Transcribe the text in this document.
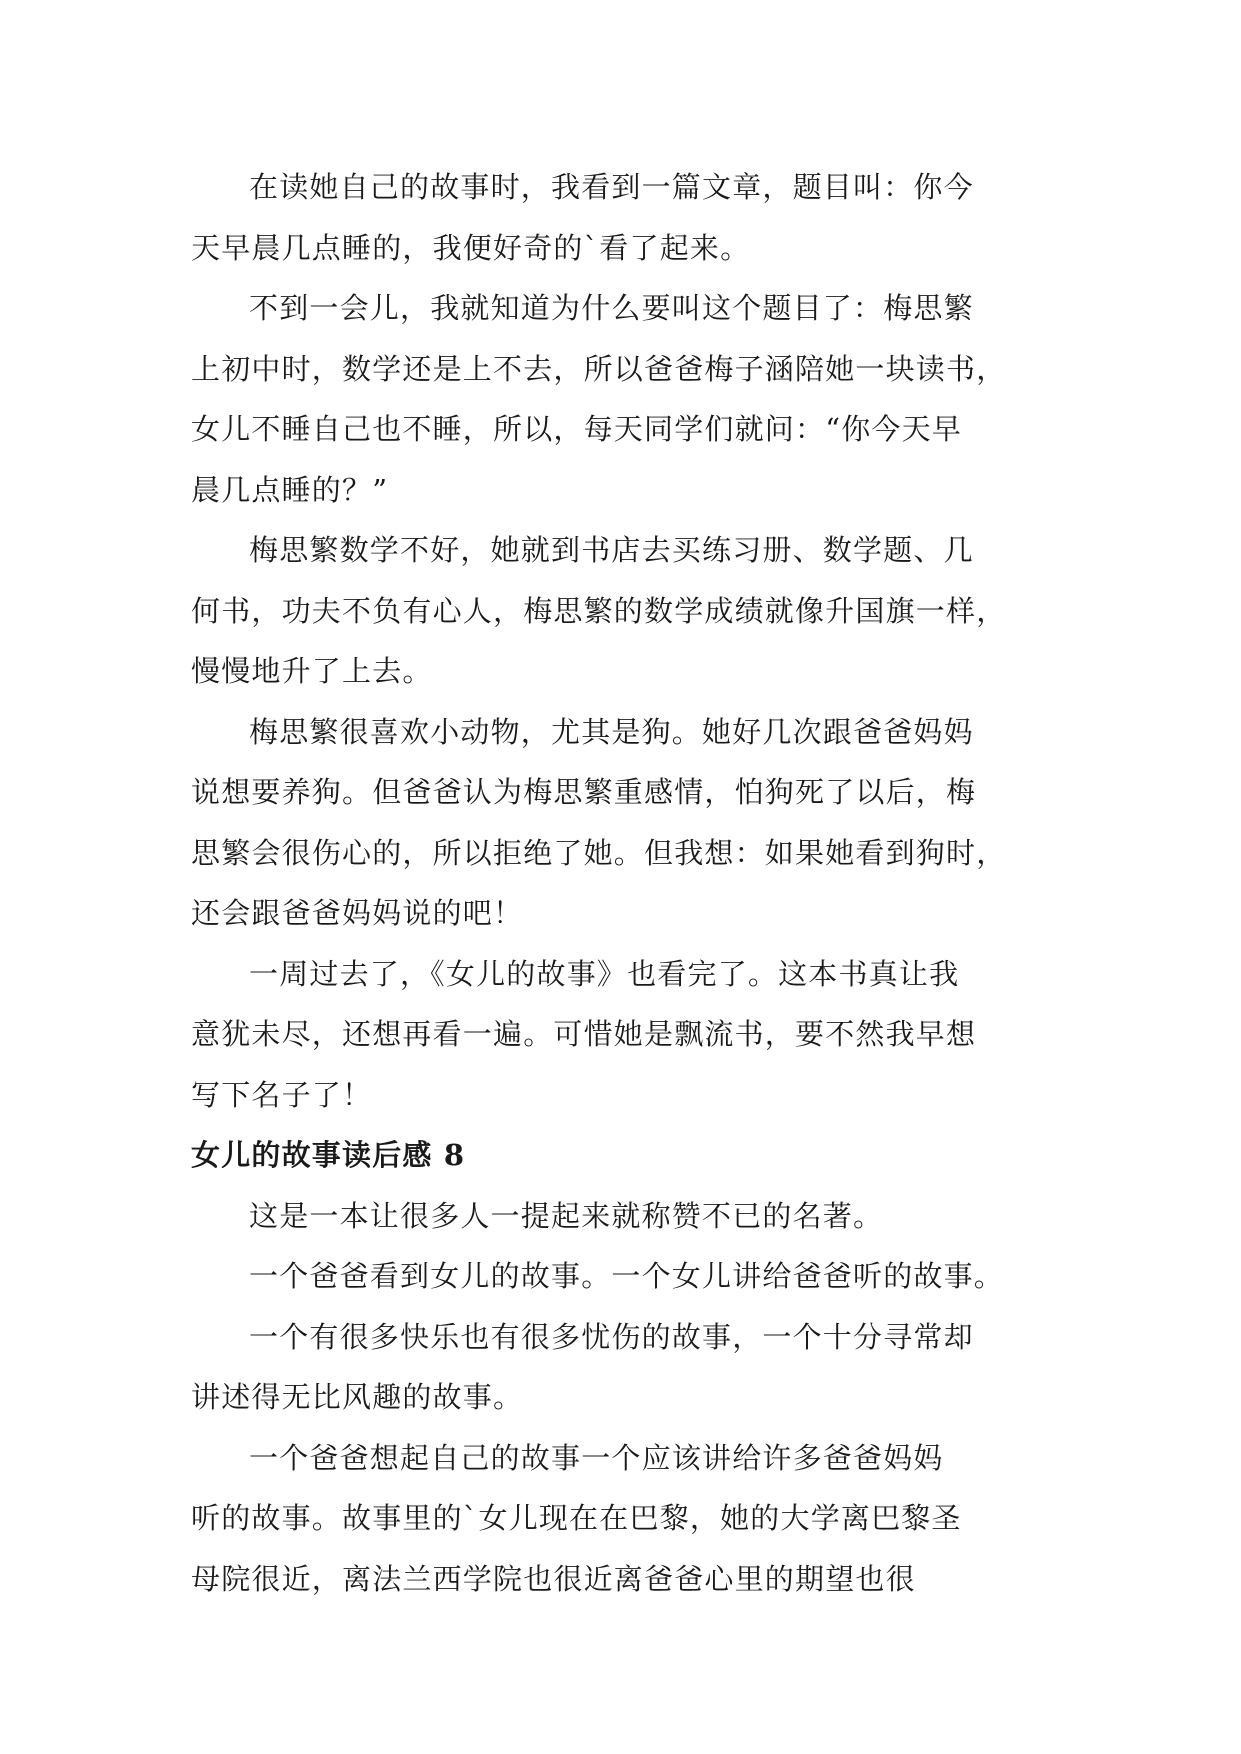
在读她自己的故事时，我看到一篇文章，题目叫：你今
天早晨几点睡的，我便好奇的`看了起来。

不到一会儿，我就知道为什么要叫这个题目了：梅思繁
上初中时，数学还是上不去，所以爸爸梅子涵陪她一块读书，
女儿不睡自己也不睡，所以，每天同学们就问：“你今天早
晨几点睡的？”

梅思繁数学不好，她就到书店去买练习册、数学题、几
何书，功夫不负有心人，梅思繁的数学成绩就像升国旗一样，
慢慢地升了上去。

梅思繁很喜欢小动物，尤其是狗。她好几次跟爸爸妈妈
说想要养狗。但爸爸认为梅思繁重感情，怕狗死了以后，梅
思繁会很伤心的，所以拒绝了她。但我想：如果她看到狗时，
还会跟爸爸妈妈说的吧！

一周过去了，《女儿的故事》也看完了。这本书真让我
意犹未尽，还想再看一遍。可惜她是飘流书，要不然我早想
写下名子了！

女儿的故事读后感 8

这是一本让很多人一提起来就称赞不已的名著。

一个爸爸看到女儿的故事。一个女儿讲给爸爸听的故事。

一个有很多快乐也有很多忧伤的故事，一个十分寻常却
讲述得无比风趣的故事。

一个爸爸想起自己的故事一个应该讲给许多爸爸妈妈
听的故事。故事里的`女儿现在在巴黎，她的大学离巴黎圣
母院很近，离法兰西学院也很近离爸爸心里的期望也很
